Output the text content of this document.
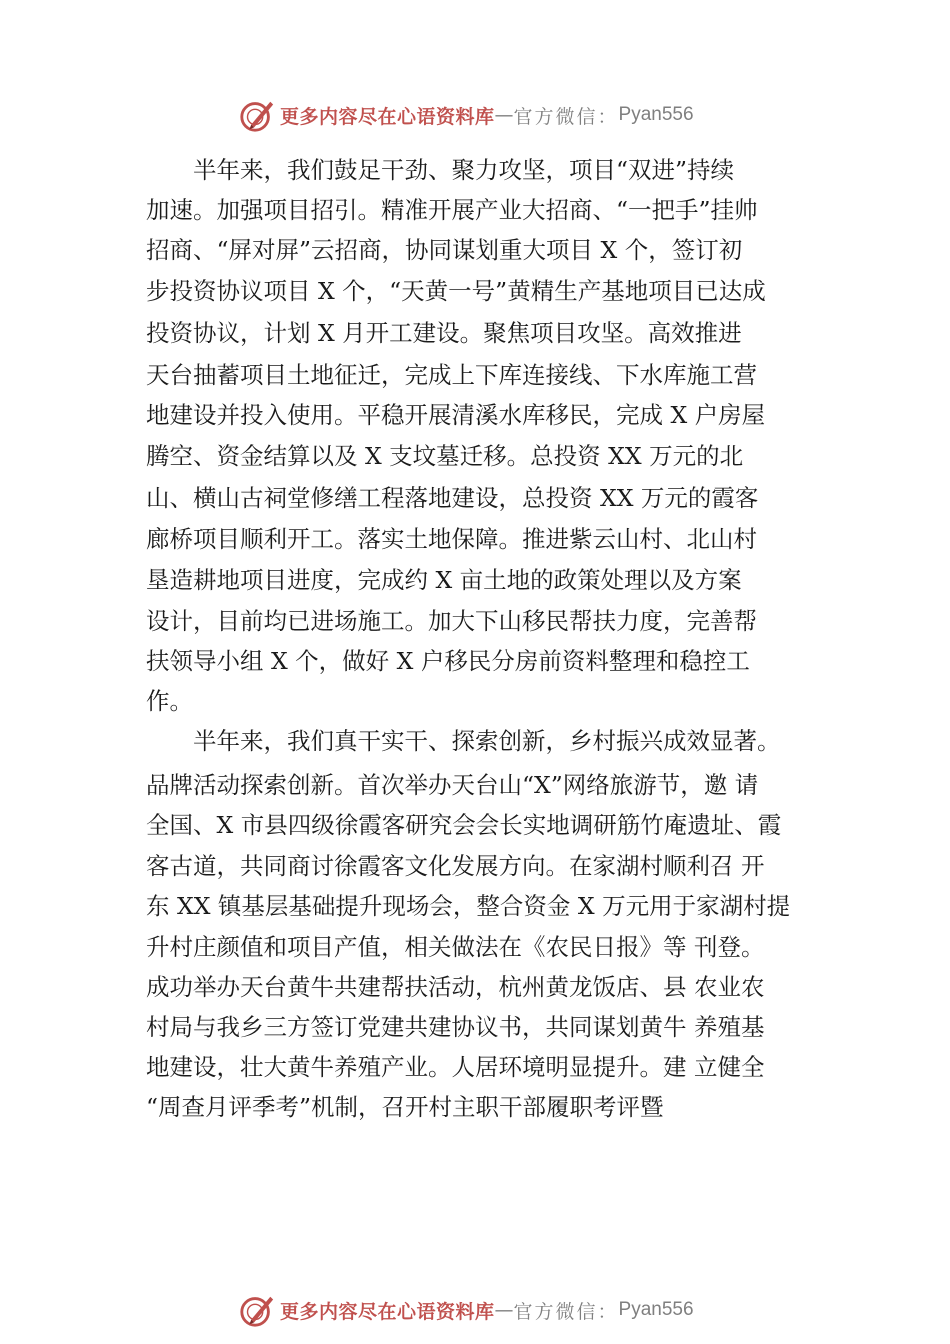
更多内容尽在心语资料库 — 官方微信： Pyan556
　　半年来，我们鼓足干劲、聚力攻坚，项目“双进”持续
加速。加强项目招引。精准开展产业大招商、“一把手”挂帅
招商、“屏对屏”云招商，协同谋划重大项目 X 个，签订初
步投资协议项目 X 个，“天黄一号”黄精生产基地项目已达成
投资协议，计划 X 月开工建设。聚焦项目攻坚。高效推进
天台抽蓄项目土地征迁，完成上下库连接线、下水库施工营
地建设并投入使用。平稳开展清溪水库移民，完成 X 户房屋
腾空、资金结算以及 X 支坟墓迁移。总投资 XX 万元的北
山、横山古祠堂修缮工程落地建设，总投资 XX 万元的霞客
廊桥项目顺利开工。落实土地保障。推进紫云山村、北山村
垦造耕地项目进度，完成约 X 亩土地的政策处理以及方案
设计，目前均已进场施工。加大下山移民帮扶力度，完善帮
扶领导小组 X 个，做好 X 户移民分房前资料整理和稳控工
作。
　　半年来，我们真干实干、探索创新，乡村振兴成效显著。
品牌活动探索创新。首次举办天台山“X”网络旅游节，邀 请
全国、X 市县四级徐霞客研究会会长实地调研筋竹庵遗址、霞
客古道，共同商讨徐霞客文化发展方向。在家湖村顺利召 开
东 XX 镇基层基础提升现场会，整合资金 X 万元用于家湖村提
升村庄颜值和项目产值，相关做法在《农民日报》等 刊登。
成功举办天台黄牛共建帮扶活动，杭州黄龙饭店、县 农业农
村局与我乡三方签订党建共建协议书，共同谋划黄牛 养殖基
地建设，壮大黄牛养殖产业。人居环境明显提升。建 立健全
“周查月评季考”机制，召开村主职干部履职考评暨
更多内容尽在心语资料库 — 官方微信： Pyan556
